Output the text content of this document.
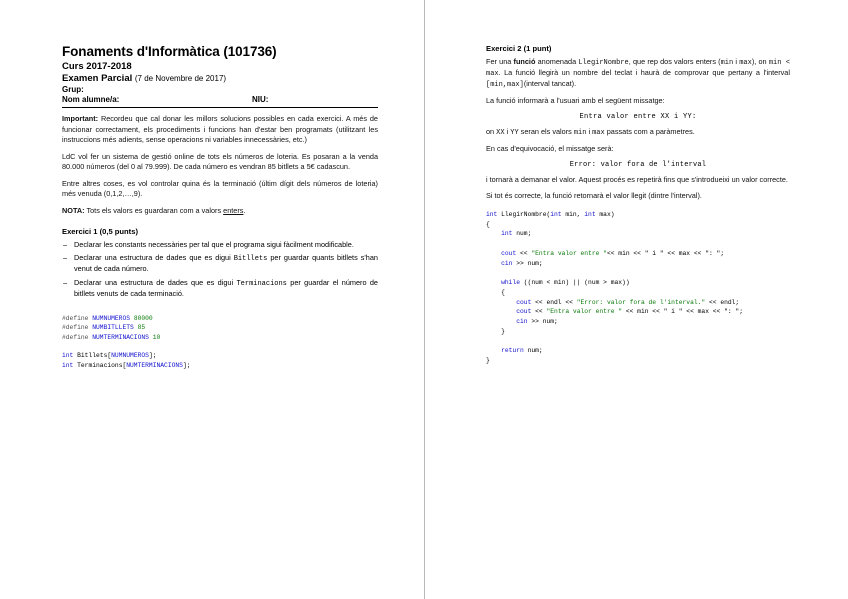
Fonaments d'Informàtica (101736)
Curs 2017-2018
Examen Parcial (7 de Novembre de 2017)
Grup:
Nom alumne/a:	NIU:

Important: Recordeu que cal donar les millors solucions possibles en cada exercici. A més de funcionar correctament, els procediments i funcions han d'estar ben programats (utilitzant les instruccions més adients, sense operacions ni variables innecessàries, etc.)

LdC vol fer un sistema de gestió online de tots els números de loteria. Es posaran a la venda 80.000 números (del 0 al 79.999). De cada número es vendran 85 bitllets a 5€ cadascun.

Entre altres coses, es vol controlar quina és la terminació (últim dígit dels números de loteria) més venuda (0,1,2,…,9).

NOTA: Tots els valors es guardaran com a valors enters.

Exercici 1 (0,5 punts)
– Declarar les constants necessàries per tal que el programa sigui fàcilment modificable.
– Declarar una estructura de dades que es digui Bitllets per guardar quants bitllets s'han venut de cada número.
– Declarar una estructura de dades que es digui Terminacions per guardar el número de bitllets venuts de cada terminació.
#define NUMNUMEROS 80000
#define NUMBITLLETS 85
#define NUMTERMINACIONS 10

int Bitllets[NUMNUMEROS];
int Terminacions[NUMTERMINACIONS];
Exercici 2 (1 punt)

Fer una funció anomenada LlegirNombre, que rep dos valors enters (min i max), on min < max. La funció llegirà un nombre del teclat i haurà de comprovar que pertany a l'interval [min,max](interval tancat).

La funció informarà a l'usuari amb el següent missatge:

Entra valor entre XX i YY:

on XX i YY seran els valors min i max passats com a paràmetres.

En cas d'equivocació, el missatge serà:

Error: valor fora de l'interval

i tornarà a demanar el valor. Aquest procés es repetirà fins que s'introdueixi un valor correcte.

Si tot és correcte, la funció retornarà el valor llegit (dintre l'interval).

int LlegirNombre(int min, int max)
{
int num;

cout << "Entra valor entre "<< min << " i " << max << ": ";
cin >> num;

while ((num < min) || (num > max))
{
cout << endl << "Error: valor fora de l'interval." << endl;
cout << "Entra valor entre " << min << " i " << max << ": ";
cin >> num;
}

return num;
}
